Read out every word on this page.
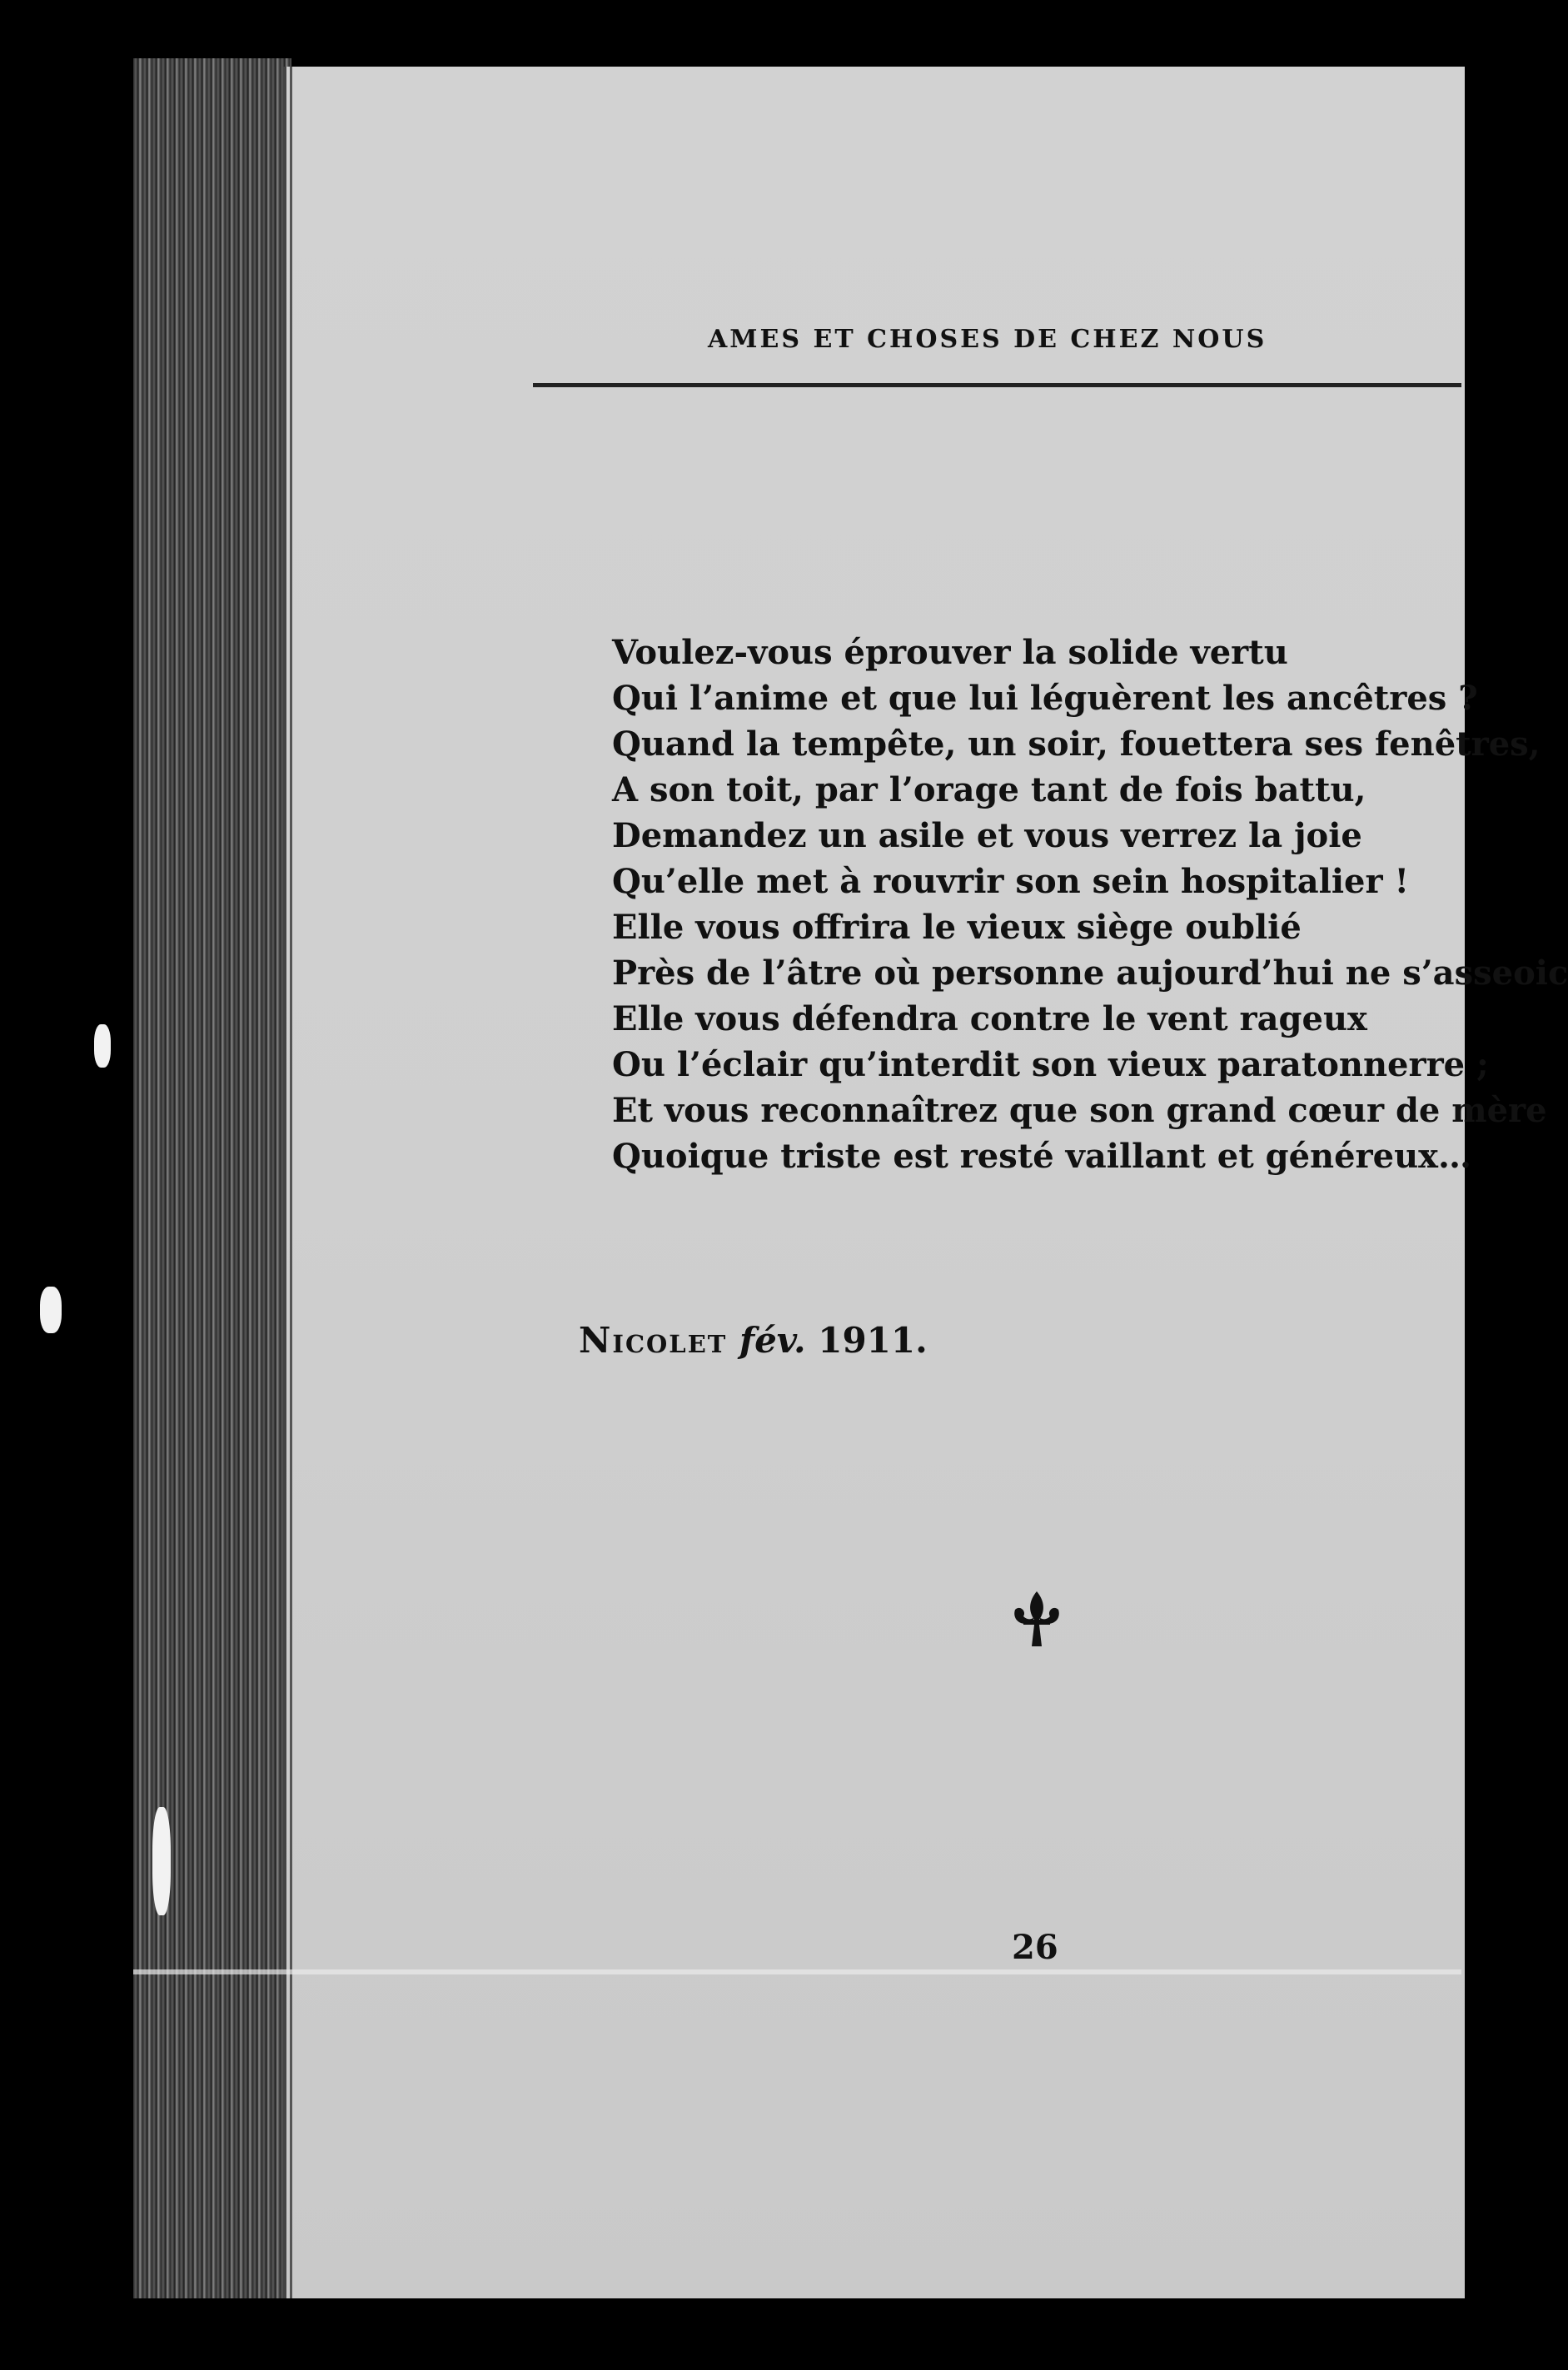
AMES ET CHOSES DE CHEZ NOUS
Voulez-vous éprouver la solide vertu
Qui l’anime et que lui léguèrent les ancêtres ?
Quand la tempête, un soir, fouettera ses fenêtres,
A son toit, par l’orage tant de fois battu,
Demandez un asile et vous verrez la joie
Qu’elle met à rouvrir son sein hospitalier !
Elle vous offrira le vieux siège oublié
Près de l’âtre où personne aujourd’hui ne s’asseoic
Elle vous défendra contre le vent rageux
Ou l’éclair qu’interdit son vieux paratonnerre ;
Et vous reconnaîtrez que son grand cœur de mère
Quoique triste est resté vaillant et généreux…
Nicolet fév. 1911.
26
